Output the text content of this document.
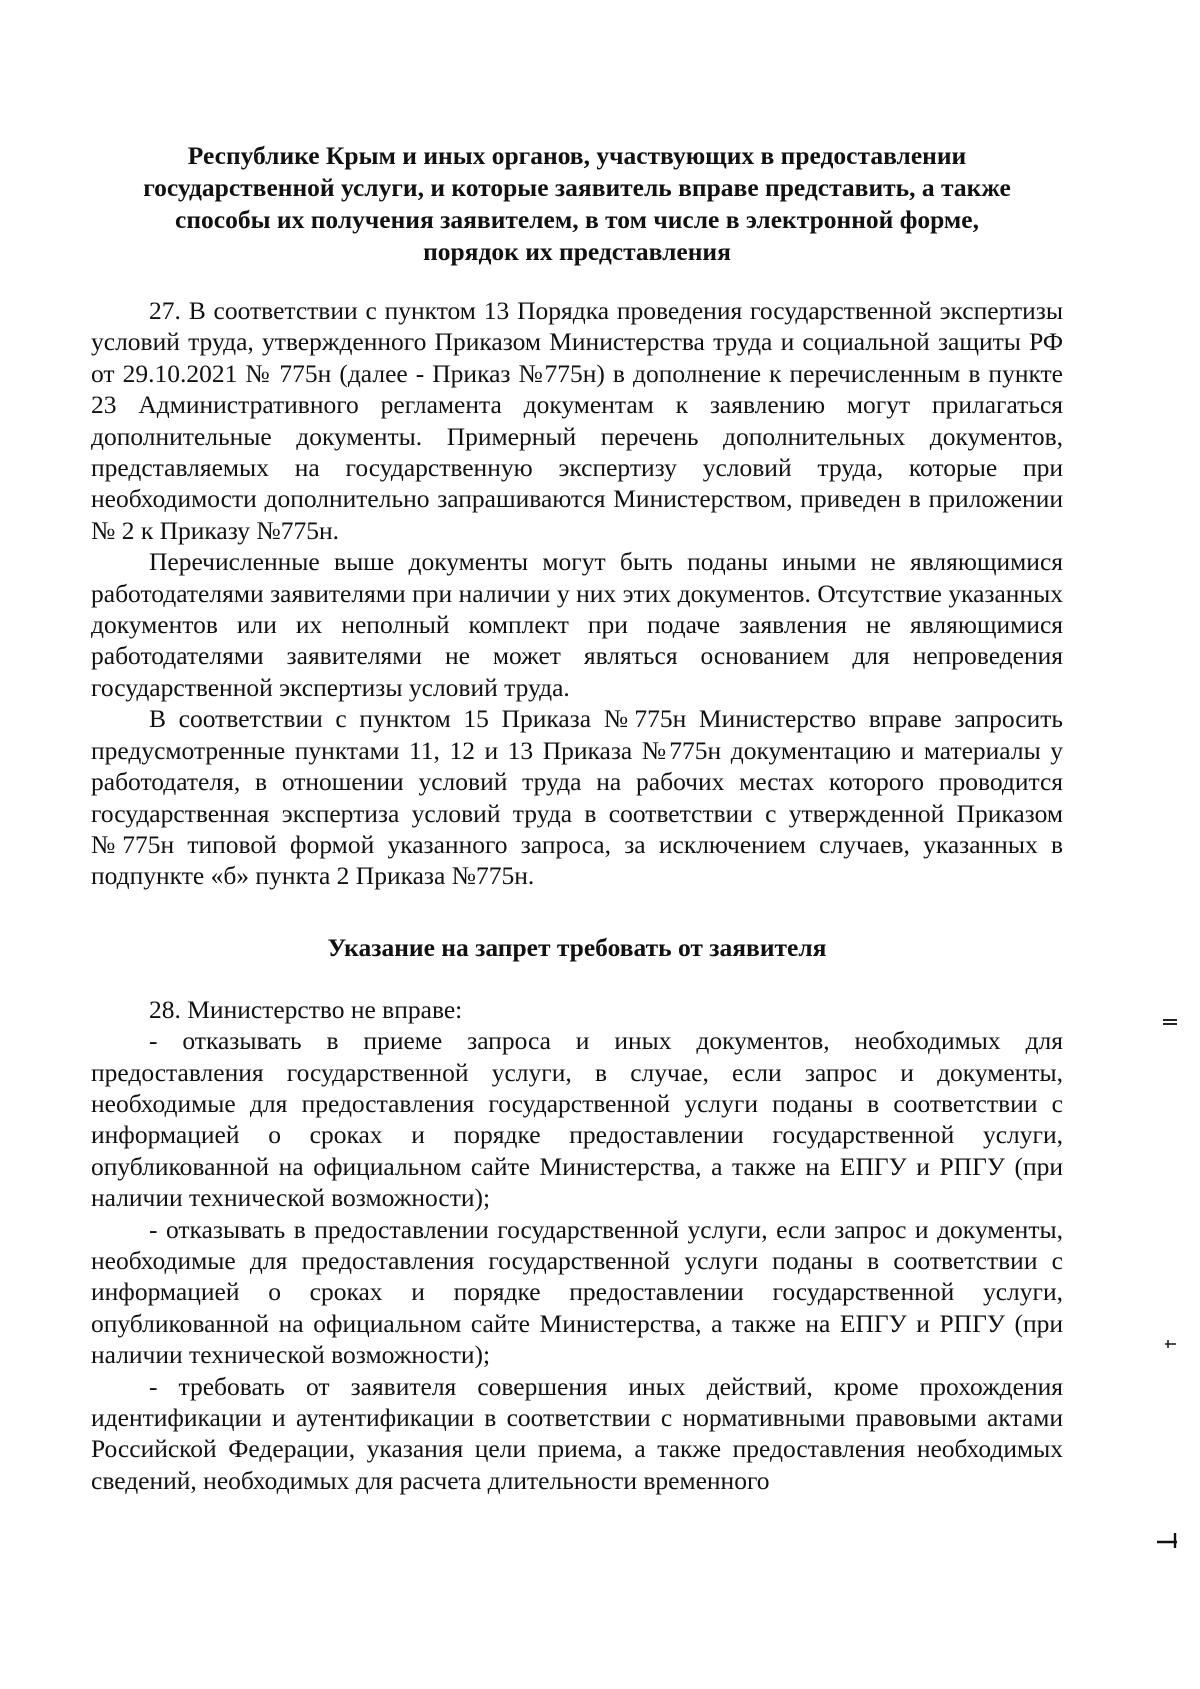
Республике Крым и иных органов, участвующих в предоставлении
государственной услуги, и которые заявитель вправе представить, а также
способы их получения заявителем, в том числе в электронной форме,
порядок их представления

27. В соответствии с пунктом 13 Порядка проведения государственной экспертизы условий труда, утвержденного Приказом Министерства труда и социальной защиты РФ от 29.10.2021 № 775н (далее - Приказ №775н) в дополнение к перечисленным в пункте 23 Административного регламента документам к заявлению могут прилагаться дополнительные документы. Примерный перечень дополнительных документов, представляемых на государственную экспертизу условий труда, которые при необходимости дополнительно запрашиваются Министерством, приведен в приложении № 2 к Приказу №775н.

Перечисленные выше документы могут быть поданы иными не являющимися работодателями заявителями при наличии у них этих документов. Отсутствие указанных документов или их неполный комплект при подаче заявления не являющимися работодателями заявителями не может являться основанием для непроведения государственной экспертизы условий труда.

В соответствии с пунктом 15 Приказа №775н Министерство вправе запросить предусмотренные пунктами 11, 12 и 13 Приказа №775н документацию и материалы у работодателя, в отношении условий труда на рабочих местах которого проводится государственная экспертиза условий труда в соответствии с утвержденной Приказом №775н типовой формой указанного запроса, за исключением случаев, указанных в подпункте «б» пункта 2 Приказа №775н.

Указание на запрет требовать от заявителя

28. Министерство не вправе:

- отказывать в приеме запроса и иных документов, необходимых для предоставления государственной услуги, в случае, если запрос и документы, необходимые для предоставления государственной услуги поданы в соответствии с информацией о сроках и порядке предоставлении государственной услуги, опубликованной на официальном сайте Министерства, а также на ЕПГУ и РПГУ (при наличии технической возможности);

- отказывать в предоставлении государственной услуги, если запрос и документы, необходимые для предоставления государственной услуги поданы в соответствии с информацией о сроках и порядке предоставлении государственной услуги, опубликованной на официальном сайте Министерства, а также на ЕПГУ и РПГУ (при наличии технической возможности);

- требовать от заявителя совершения иных действий, кроме прохождения идентификации и аутентификации в соответствии с нормативными правовыми актами Российской Федерации, указания цели приема, а также предоставления необходимых сведений, необходимых для расчета длительности временного
